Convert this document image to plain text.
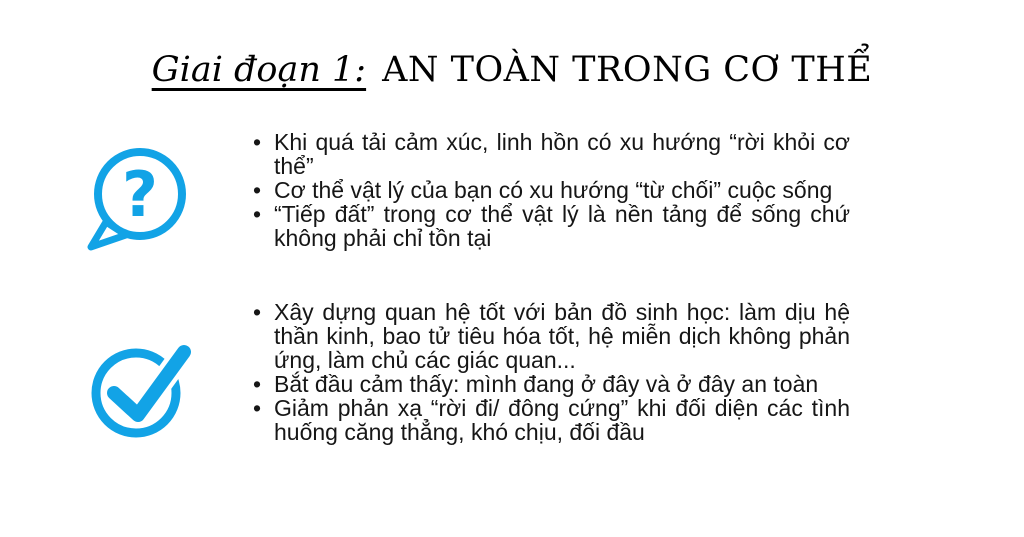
Giai đoạn 1: AN TOÀN TRONG CƠ THỂ
?
• Khi quá tải cảm xúc, linh hồn có xu hướng “rời khỏi cơ thể”
• Cơ thể vật lý của bạn có xu hướng “từ chối” cuộc sống
• “Tiếp đất” trong cơ thể vật lý là nền tảng để sống chứ không phải chỉ tồn tại
• Xây dựng quan hệ tốt với bản đồ sinh học: làm dịu hệ thần kinh, bao tử tiêu hóa tốt, hệ miễn dịch không phản ứng, làm chủ các giác quan...
• Bắt đầu cảm thấy: mình đang ở đây và ở đây an toàn
• Giảm phản xạ “rời đi/ đông cứng” khi đối diện các tình huống căng thẳng, khó chịu, đối đầu
